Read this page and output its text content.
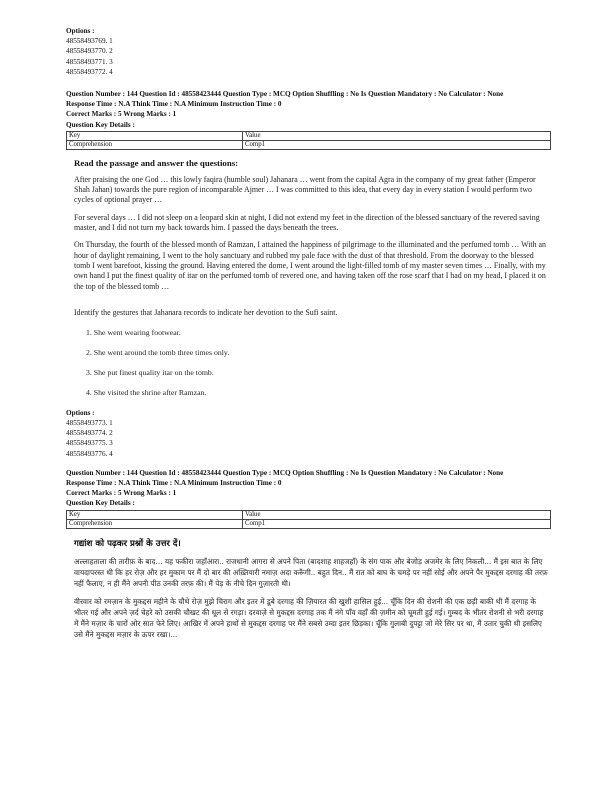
Options :
48558493769. 1
48558493770. 2
48558493771. 3
48558493772. 4
Question Number : 144 Question Id : 48558423444 Question Type : MCQ Option Shuffling : No Is Question Mandatory : No Calculator : None
Response Time : N.A Think Time : N.A Minimum Instruction Time : 0
Correct Marks : 5 Wrong Marks : 1
Question Key Details :
Key	Value
Comprehension	Comp1
Read the passage and answer the questions:

After praising the one God … this lowly faqira (humble soul) Jahanara … went from the capital Agra in the company of my great father (Emperor Shah Jahan) towards the pure region of incomparable Ajmer … I was committed to this idea, that every day in every station I would perform two cycles of optional prayer …

For several days … I did not sleep on a leopard skin at night, I did not extend my feet in the direction of the blessed sanctuary of the revered saving master, and I did not turn my back towards him. I passed the days beneath the trees.

On Thursday, the fourth of the blessed month of Ramzan, I attained the happiness of pilgrimage to the illuminated and the perfumed tomb … With an hour of daylight remaining, I went to the holy sanctuary and rubbed my pale face with the dust of that threshold. From the doorway to the blessed tomb I went barefoot, kissing the ground. Having entered the dome, I went around the light-filled tomb of my master seven times … Finally, with my own hand I put the finest quality of itar on the perfumed tomb of revered one, and having taken off the rose scarf that I had on my head, I placed it on the top of the blessed tomb …

Identify the gestures that Jahanara records to indicate her devotion to the Sufi saint.
1. She went wearing footwear.
2. She went around the tomb three times only.
3. She put finest quality itar on the tomb.
4. She visited the shrine after Ramzan.
Options :
48558493773. 1
48558493774. 2
48558493775. 3
48558493776. 4
Question Number : 144 Question Id : 48558423444 Question Type : MCQ Option Shuffling : No Is Question Mandatory : No Calculator : None
Response Time : N.A Think Time : N.A Minimum Instruction Time : 0
Correct Marks : 5 Wrong Marks : 1
Question Key Details :
Key	Value
Comprehension	Comp1
गद्यांश को पढ़कर प्रश्नों के उत्तर दें।

अल्लाहताला की तारीफ़ के बाद… यह फकीरा जहाँआरा.. राजधानी आगरा से अपने पिता (बादशाह शाहजहाँ) के संग पाक और बेजोड़ अजमेर के लिए निकली... मैं इस बात के लिए वायदापरस्त थी कि हर रोज़ और हर मुकाम पर मैं दो बार की अख़्तियारी नमाज़ अदा करूँगी.. बहुत दिन.. मैं रात को बाघ के चमड़े पर नहीं सोई और अपने पैर मुकद्दस दरगाह की तरफ़ नहीं फैलाए, न ही मैंने अपनी पीठ उनकी तरफ़ की। मैं पेड़ के नीचे दिन गुज़ारती थी।

वीरवार को रमज़ान के मुकद्दस महीने के चौथे रोज़ मुझे चिराग और इतर में डूबे दरगाह की ज़ियारत की खुशी हासिल हुई... चूँकि दिन की रोशनी की एक छड़ी बाकी थी मैं दरगाह के भीतर गई और अपने ज़र्द चेहरे को उसकी चौखट की धूल से रगड़ा। दरवाज़े से मुकद्दस दरगाह तक मैं नंगे पाँव वहाँ की ज़मीन को चूमती हुई गई। गुम्बद के भीतर रोशनी से भरी दरगाह में मैंने मज़ार के चारों ओर सात फेरे लिए। आखिर में अपने हाथों से मुकद्दस दरगाह पर मैंने सबसे उम्दा इतर छिड़का। चूँकि गुलाबी दुपट्टा जो मेरे सिर पर था, मैं उतार चुकी थी इसलिए उसे मैंने मुकद्दस मज़ार के ऊपर रखा।...
